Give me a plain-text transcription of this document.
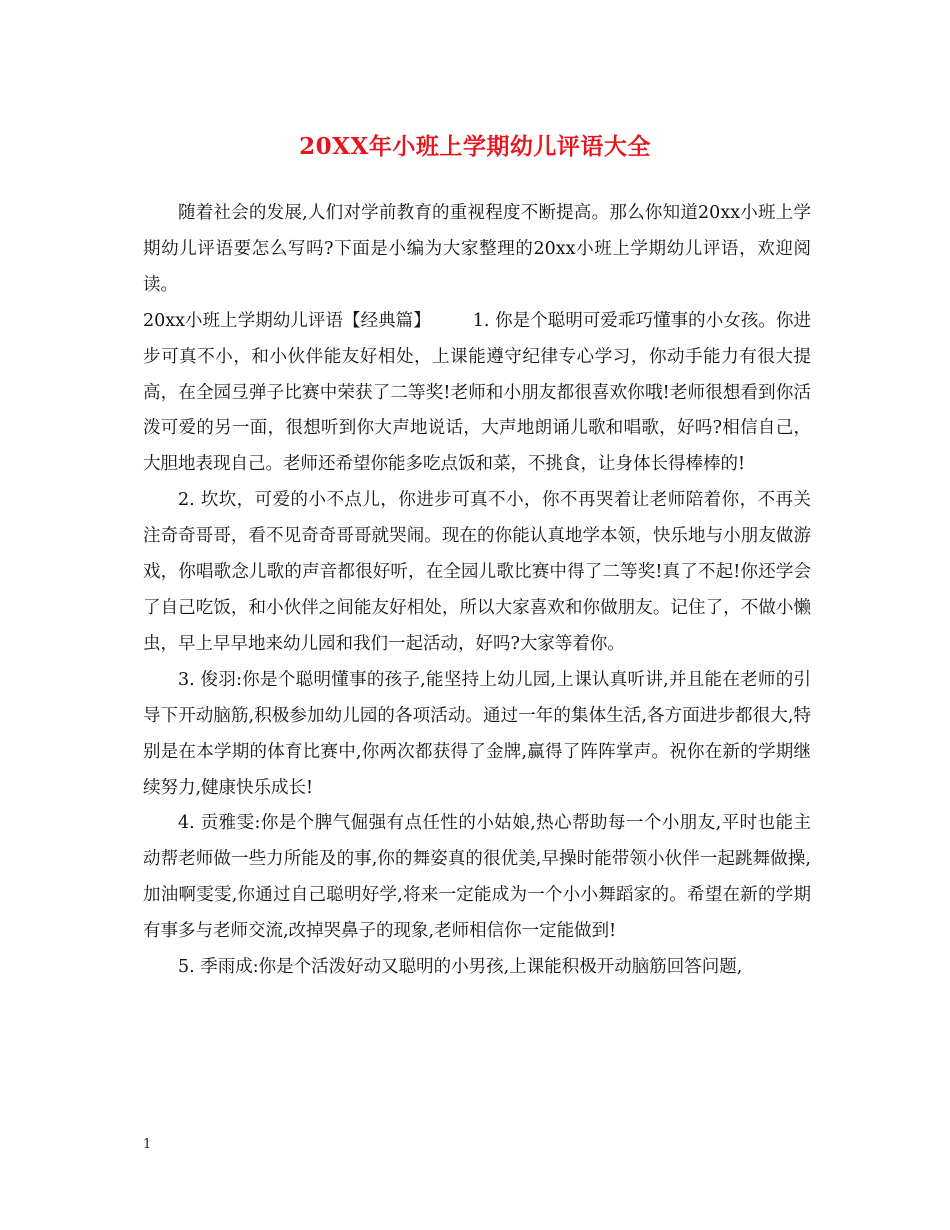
20XX年小班上学期幼儿评语大全

随着社会的发展,人们对学前教育的重视程度不断提高。那么你知道20xx小班上学期幼儿评语要怎么写吗?下面是小编为大家整理的20xx小班上学期幼儿评语，欢迎阅读。

20xx小班上学期幼儿评语【经典篇】 1. 你是个聪明可爱乖巧懂事的小女孩。你进步可真不小，和小伙伴能友好相处，上课能遵守纪律专心学习，你动手能力有很大提高，在全园弖弹子比赛中荣获了二等奖!老师和小朋友都很喜欢你哦!老师很想看到你活泼可爱的另一面，很想听到你大声地说话，大声地朗诵儿歌和唱歌，好吗?相信自己，大胆地表现自己。老师还希望你能多吃点饭和菜，不挑食，让身体长得棒棒的!

2. 坎坎，可爱的小不点儿，你进步可真不小，你不再哭着让老师陪着你，不再关注奇奇哥哥，看不见奇奇哥哥就哭闹。现在的你能认真地学本领，快乐地与小朋友做游戏，你唱歌念儿歌的声音都很好听，在全园儿歌比赛中得了二等奖!真了不起!你还学会了自己吃饭，和小伙伴之间能友好相处，所以大家喜欢和你做朋友。记住了，不做小懒虫，早上早早地来幼儿园和我们一起活动，好吗?大家等着你。

3. 俊羽:你是个聪明懂事的孩子,能坚持上幼儿园,上课认真听讲,并且能在老师的引导下开动脑筋,积极参加幼儿园的各项活动。通过一年的集体生活,各方面进步都很大,特别是在本学期的体育比赛中,你两次都获得了金牌,赢得了阵阵掌声。祝你在新的学期继续努力,健康快乐成长!

4. 贡雅雯:你是个脾气倔强有点任性的小姑娘,热心帮助每一个小朋友,平时也能主动帮老师做一些力所能及的事,你的舞姿真的很优美,早操时能带领小伙伴一起跳舞做操,加油啊雯雯,你通过自己聪明好学,将来一定能成为一个小小舞蹈家的。希望在新的学期有事多与老师交流,改掉哭鼻子的现象,老师相信你一定能做到!

5. 季雨成:你是个活泼好动又聪明的小男孩,上课能积极开动脑筋回答问题,

1
